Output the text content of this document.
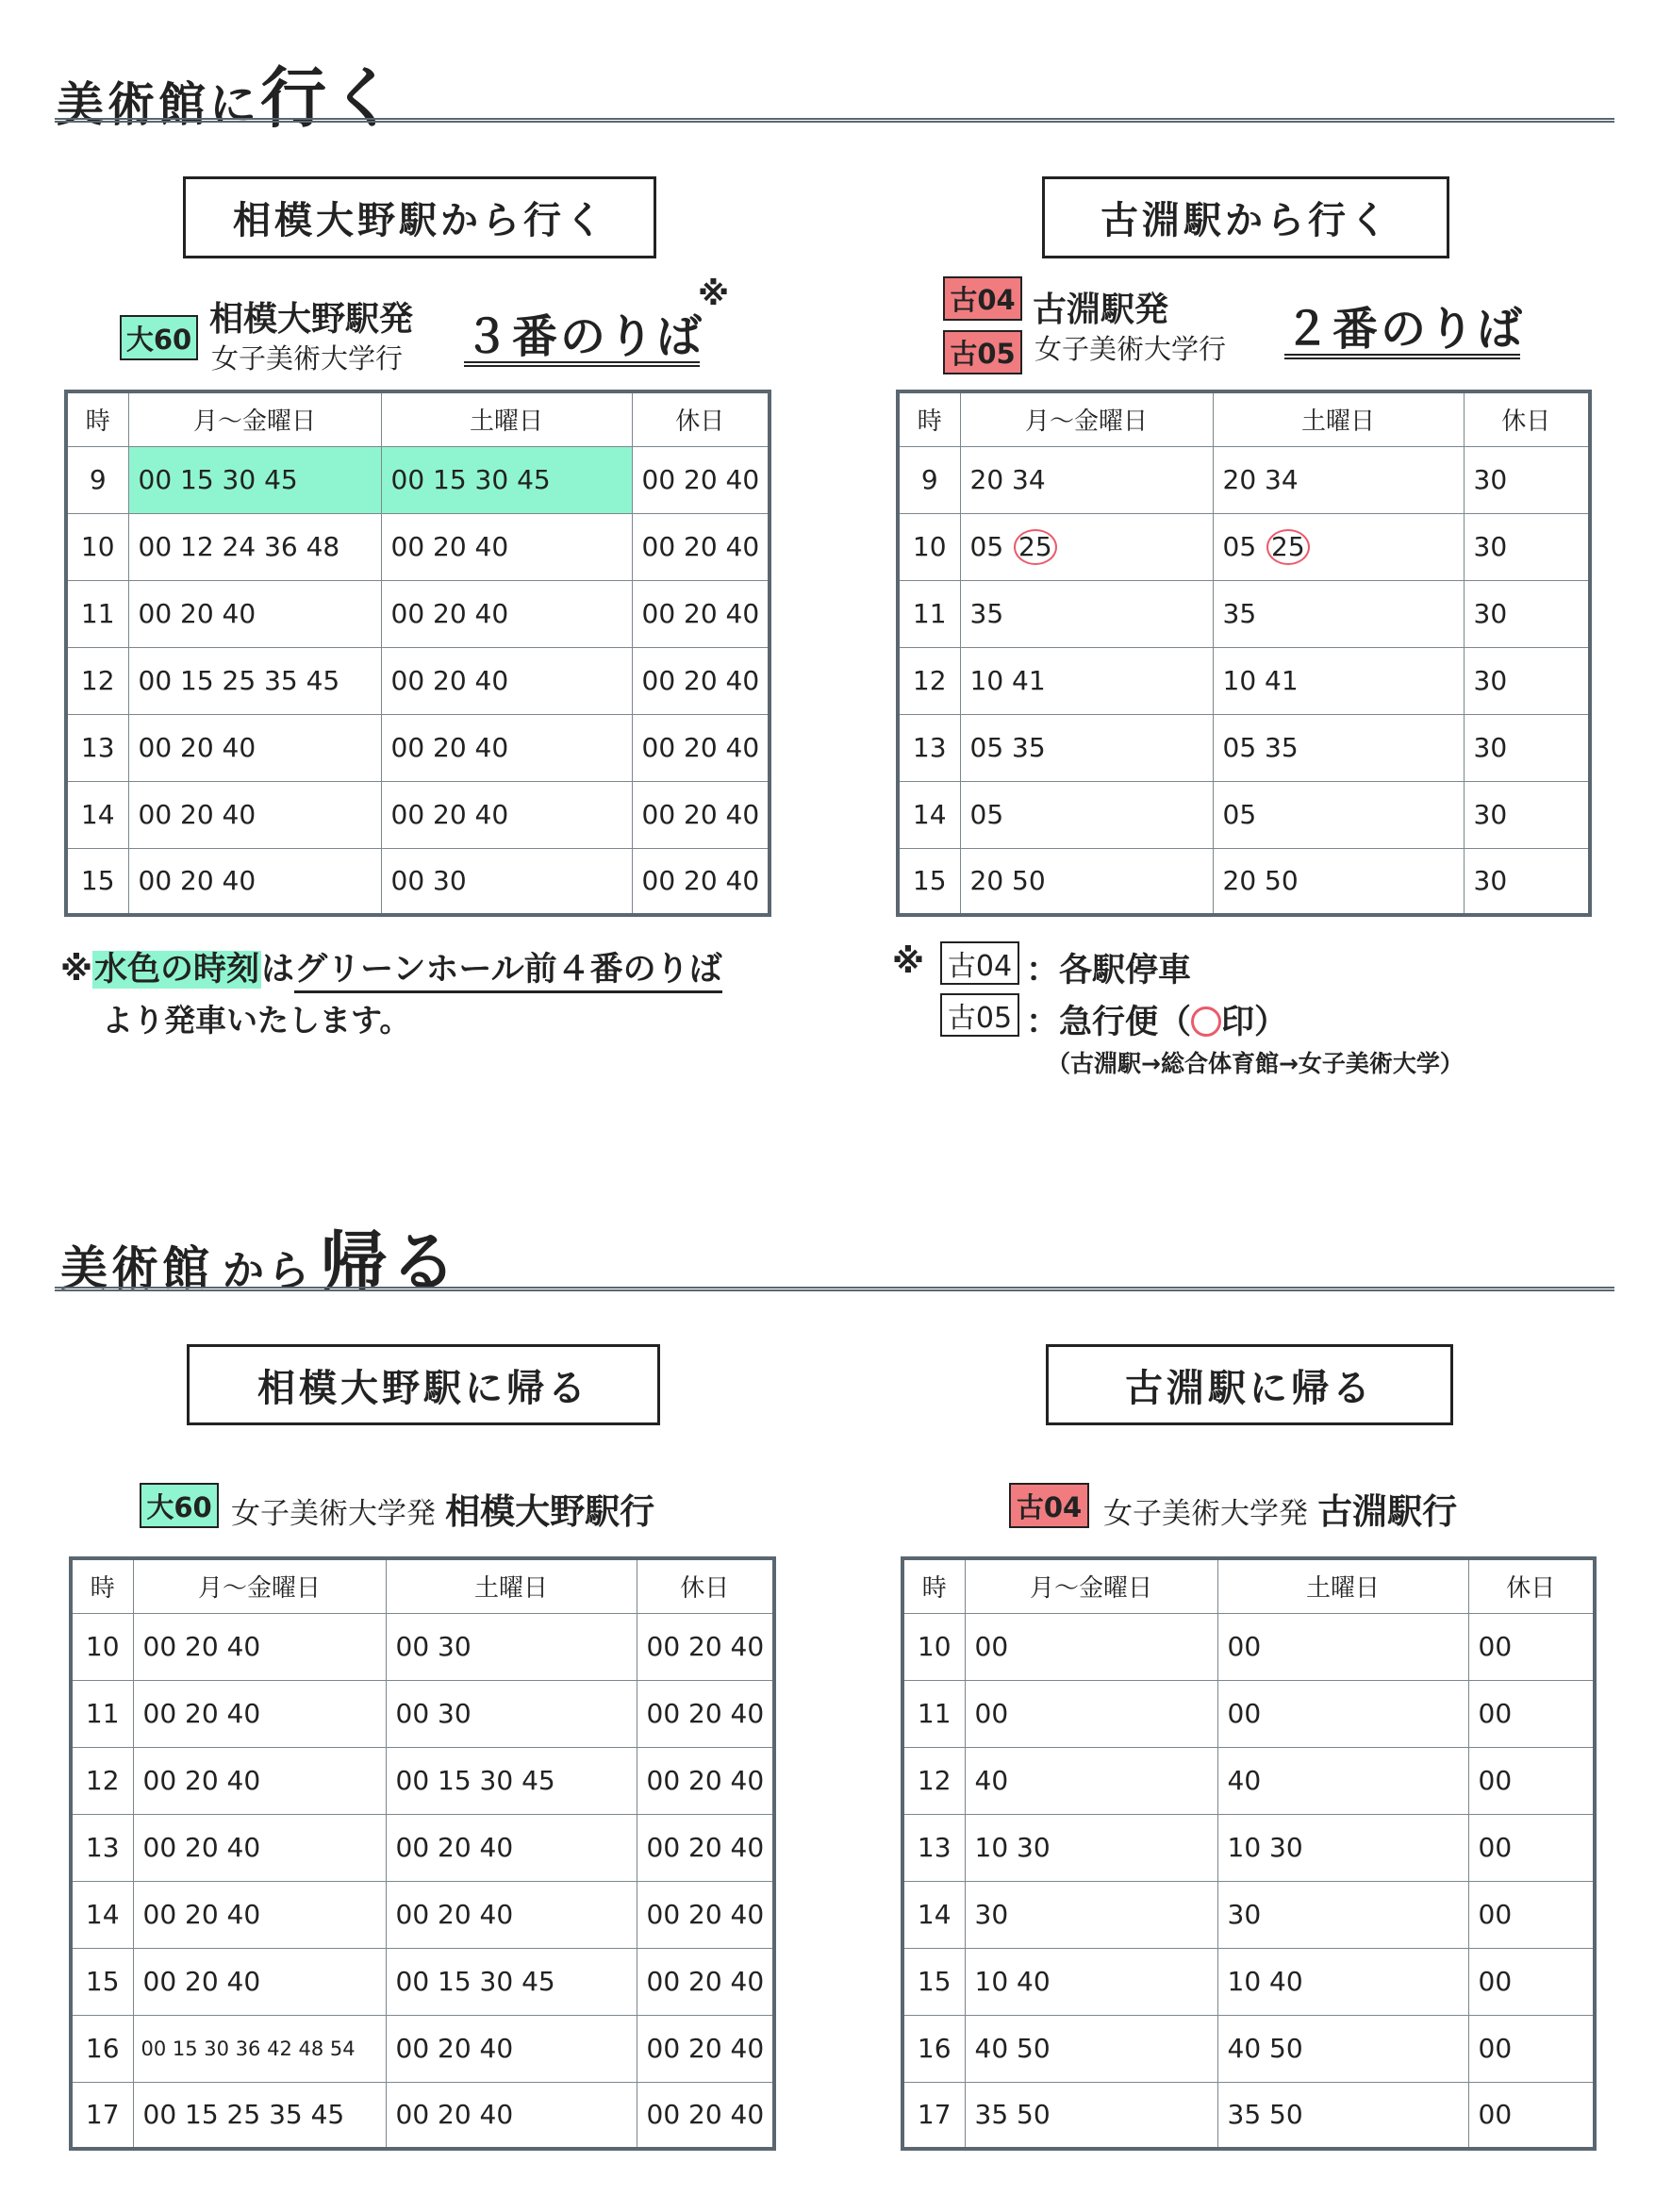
美術館に行く
相模大野駅から行く
大60
相模大野駅発
女子美術大学行 ３番のりば
※
時	月～金曜日	土曜日	休日
9	00 15 30 45	00 15 30 45	00 20 40
10	00 12 24 36 48	00 20 40	00 20 40
11	00 20 40	00 20 40	00 20 40
12	00 15 25 35 45	00 20 40	00 20 40
13	00 20 40	00 20 40	00 20 40
14	00 20 40	00 20 40	00 20 40
15	00 20 40	00 30	00 20 40
※水色の時刻はグリーンホール前４番のりば
より発車いたします。
古淵駅から行く
古04
古05
古淵駅発
女子美術大学行 ２番のりば
時	月～金曜日	土曜日	休日
9	20 34	20 34	30
10	05 25	05 25	30
11	35	35	30
12	10 41	10 41	30
13	05 35	05 35	30
14	05	05	30
15	20 50	20 50	30
※ 古04 ：各駅停車
古05 ：急行便（ 印）
（古淵駅→総合体育館→女子美術大学）
美術館 から 帰る
相模大野駅に帰る
大60 女子美術大学発 相模大野駅行
時	月～金曜日	土曜日	休日
10	00 20 40	00 30	00 20 40
11	00 20 40	00 30	00 20 40
12	00 20 40	00 15 30 45	00 20 40
13	00 20 40	00 20 40	00 20 40
14	00 20 40	00 20 40	00 20 40
15	00 20 40	00 15 30 45	00 20 40
16	00 15 30 36 42 48 54	00 20 40	00 20 40
17	00 15 25 35 45	00 20 40	00 20 40
古淵駅に帰る
古04 女子美術大学発 古淵駅行
時	月～金曜日	土曜日	休日
10	00	00	00
11	00	00	00
12	40	40	00
13	10 30	10 30	00
14	30	30	00
15	10 40	10 40	00
16	40 50	40 50	00
17	35 50	35 50	00
